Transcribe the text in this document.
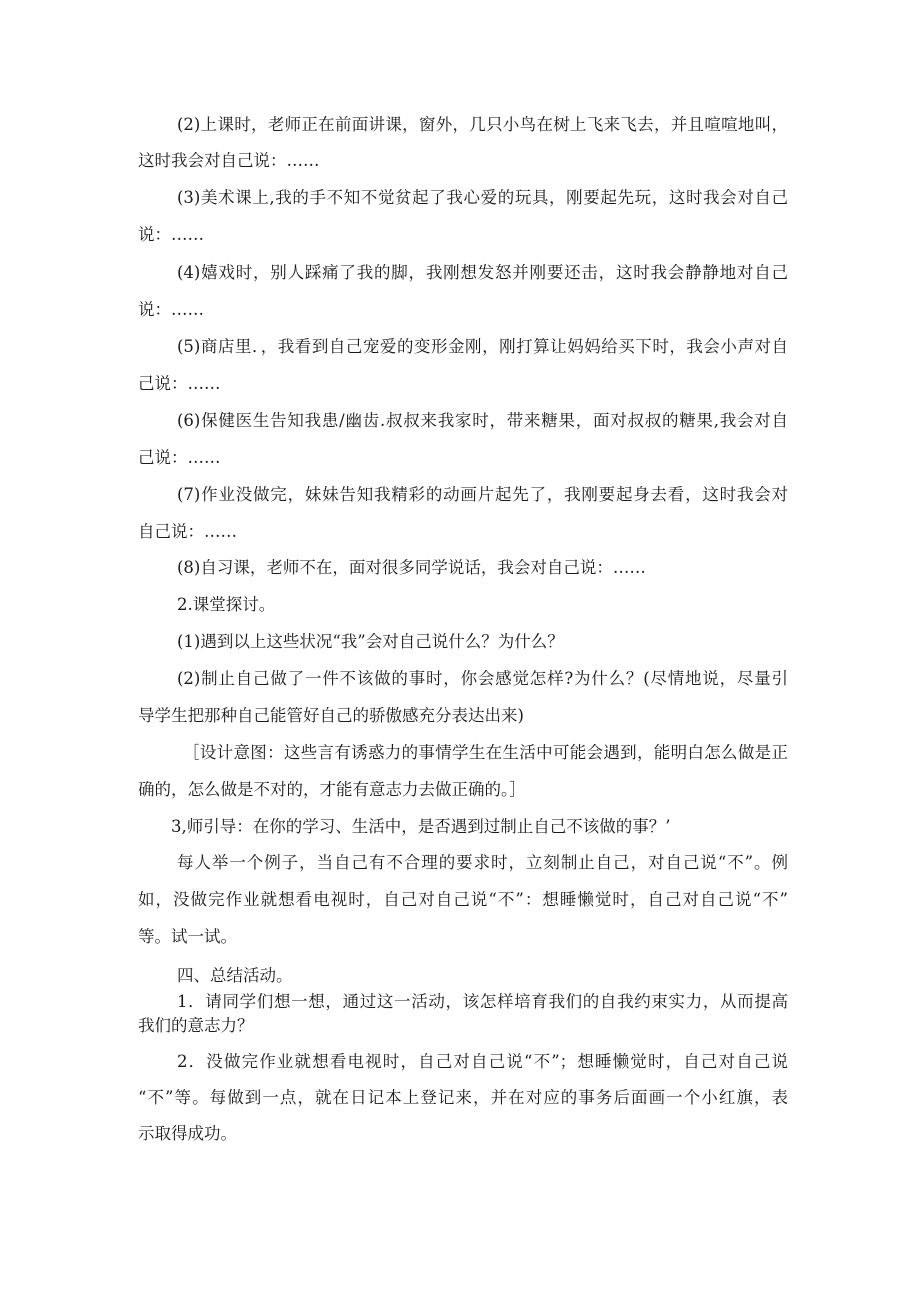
(2)上课时，老师正在前面讲课，窗外，几只小鸟在树上飞来飞去，并且喧喧地叫，
这时我会对自己说：……
(3)美术课上,我的手不知不觉贫起了我心爱的玩具，刚要起先玩，这时我会对自己
说：……
(4)嬉戏时，别人踩痛了我的脚，我刚想发怒并刚要还击，这时我会静静地对自己
说：……
(5)商店里．，我看到自己宠爱的变形金刚，刚打算让妈妈给买下时，我会小声对自
己说：……
(6)保健医生告知我患/幽齿.叔叔来我家时，带来糖果，面对叔叔的糖果,我会对自
己说：……
(7)作业没做完，妹妹告知我精彩的动画片起先了，我刚要起身去看，这时我会对
自己说：……
(8)自习课，老师不在，面对很多同学说话，我会对自己说：……
2.课堂探讨。
(1)遇到以上这些状况“我”会对自己说什么？为什么？
(2)制止自己做了一件不该做的事时，你会感觉怎样?为什么？(尽情地说，尽量引
导学生把那种自己能管好自己的骄傲感充分表达出来)
［设计意图：这些言有诱惑力的事情学生在生活中可能会遇到，能明白怎么做是正
确的，怎么做是不对的，才能有意志力去做正确的。］
3,师引导：在你的学习、生活中，是否遇到过制止自己不该做的事？’
每人举一个例子，当自己有不合理的要求时，立刻制止自己，对自己说“不”。例
如，没做完作业就想看电视时，自己对自己说“不”：想睡懒觉时，自己对自己说“不”
等。试一试。
四、总结活动。
1．请同学们想一想，通过这一活动，该怎样培育我们的自我约束实力，从而提高
我们的意志力？
2．没做完作业就想看电视时，自己对自己说“不”；想睡懒觉时，自己对自己说
“不”等。每做到一点，就在日记本上登记来，并在对应的事务后面画一个小红旗，表
示取得成功。
